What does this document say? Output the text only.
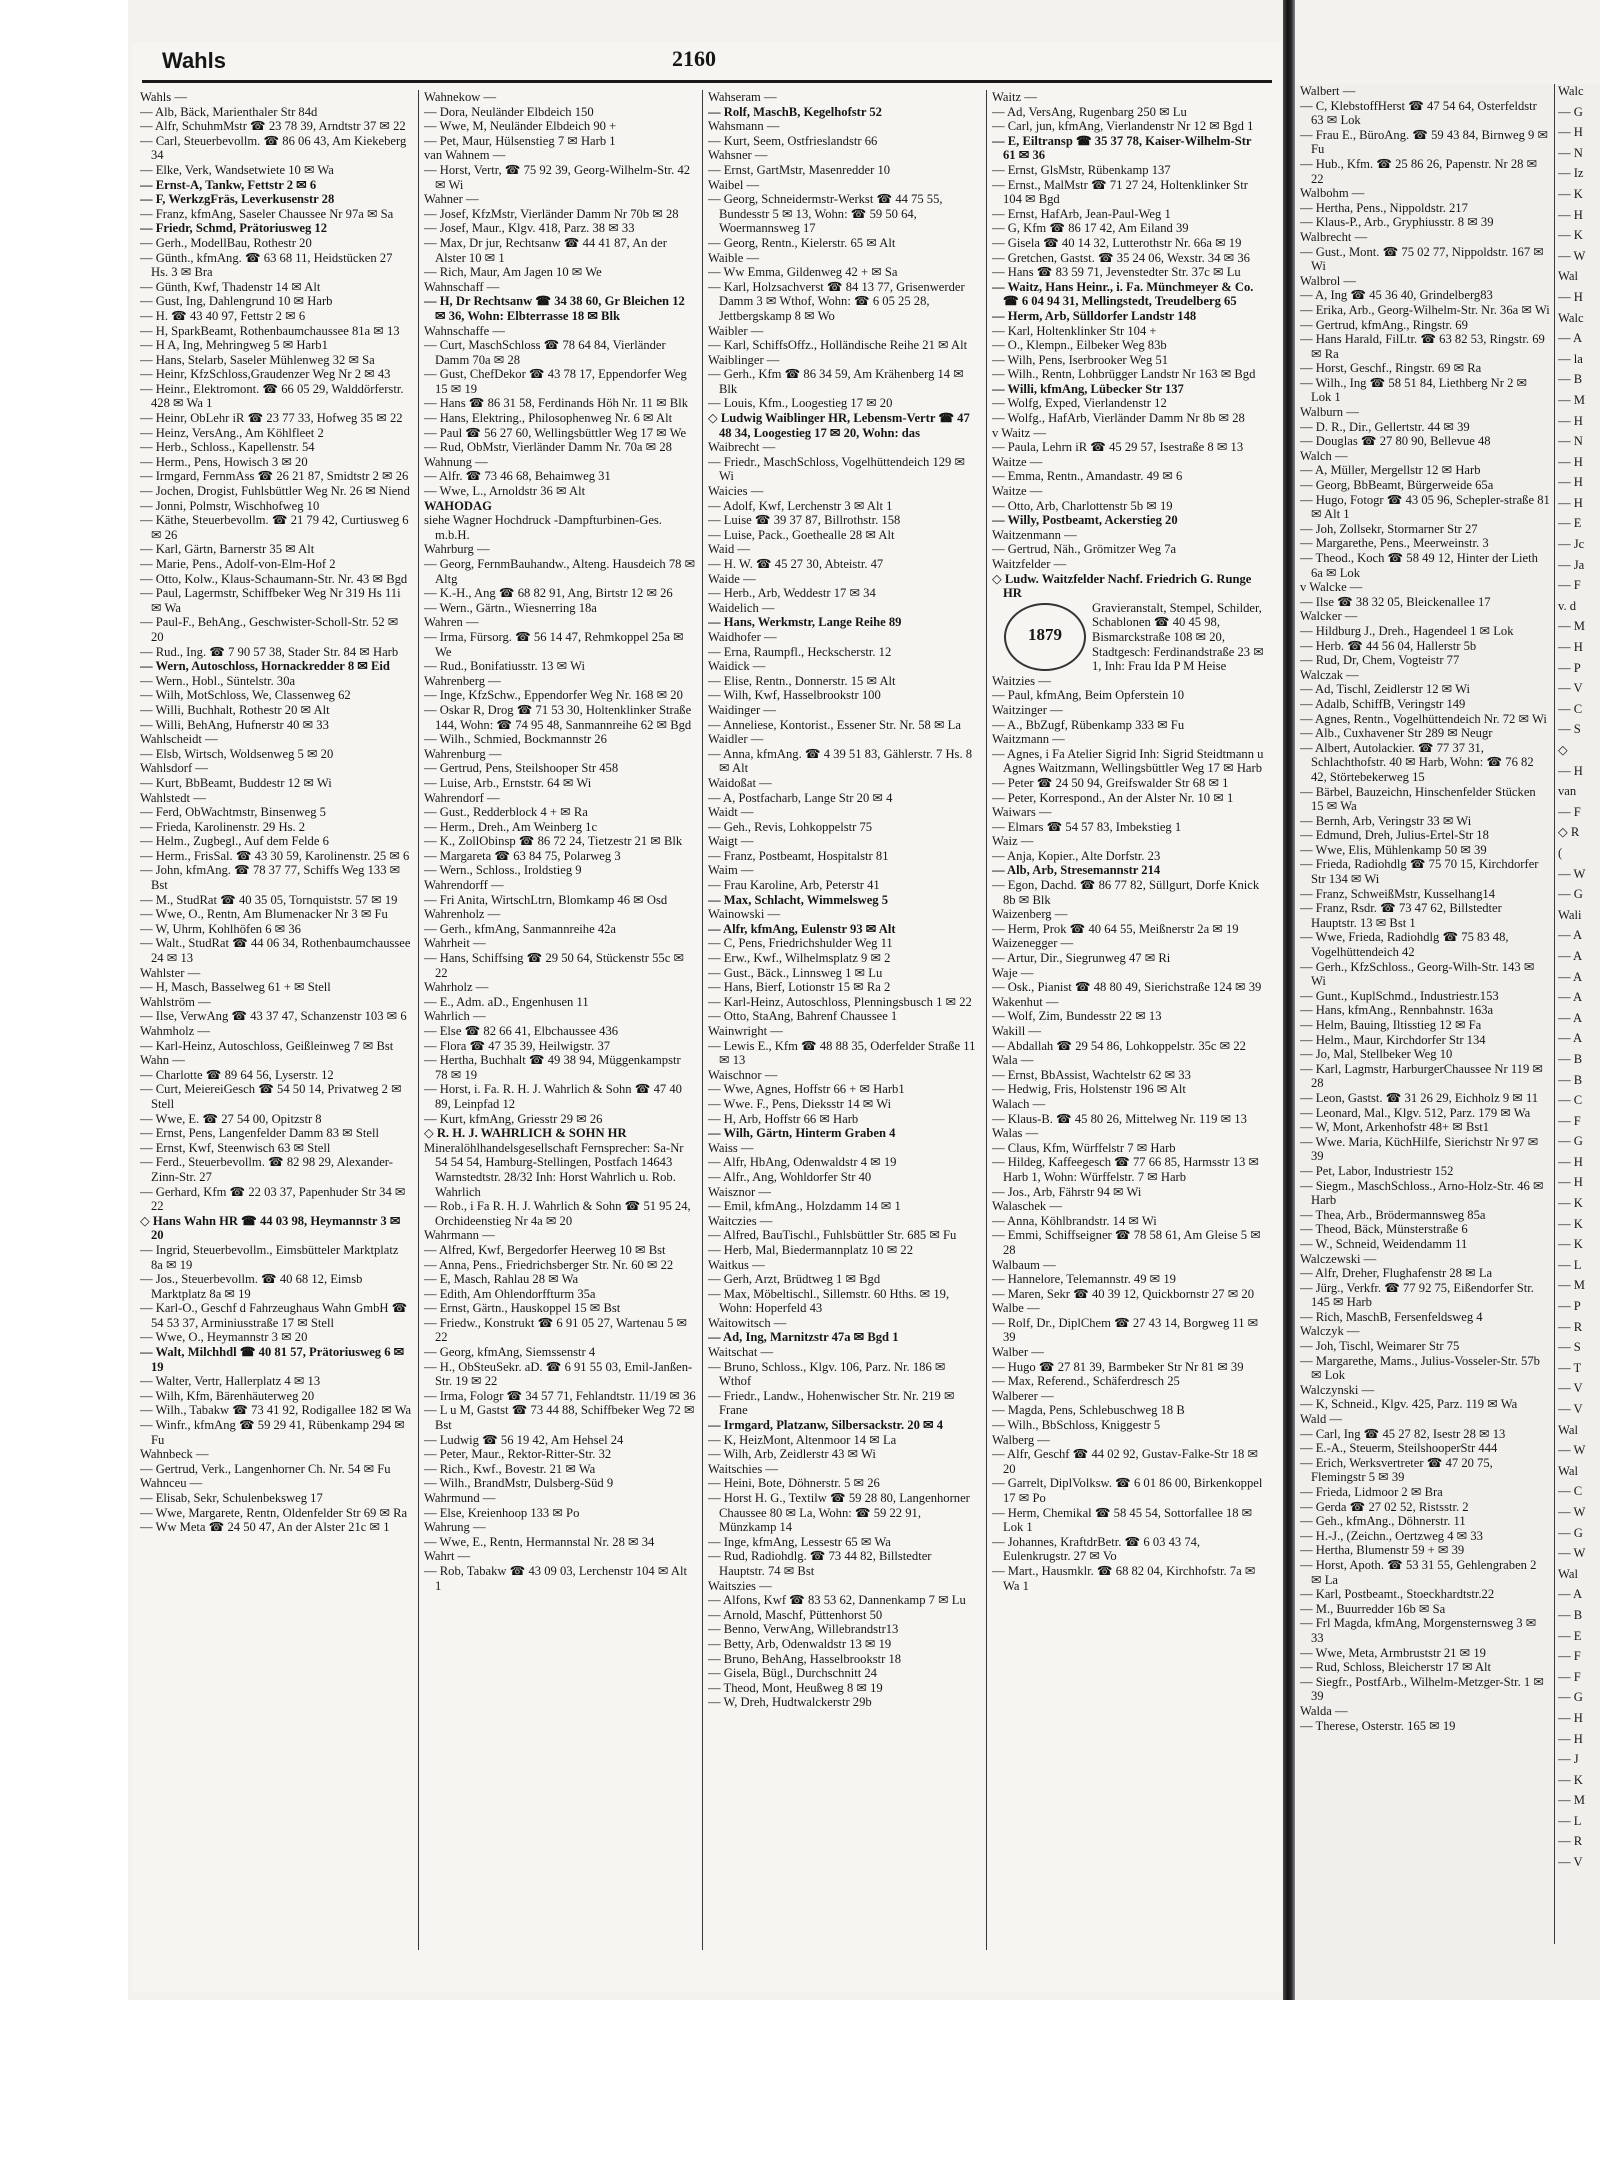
Wahls	2160

Wahls —

— Alb, Bäck, Marienthaler Str 84d

— Alfr, SchuhmMstr ☎ 23 78 39, Arndtstr 37 ✉ 22

— Carl, Steuerbevollm. ☎ 86 06 43, Am Kiekeberg 34

— Elke, Verk, Wandsetwiete 10 ✉ Wa

— Ernst-A, Tankw, Fettstr 2 ✉ 6

— F, WerkzgFräs, Leverkusenstr 28

— Franz, kfmAng, Saseler Chaussee Nr 97a ✉ Sa

— Friedr, Schmd, Prätoriusweg 12

— Gerh., ModellBau, Rothestr 20

— Günth., kfmAng. ☎ 63 68 11, Heidstücken 27 Hs. 3 ✉ Bra

— Günth, Kwf, Thadenstr 14 ✉ Alt

— Gust, Ing, Dahlengrund 10 ✉ Harb

— H. ☎ 43 40 97, Fettstr 2 ✉ 6

— H, SparkBeamt, Rothenbaumchaussee 81a ✉ 13

— H A, Ing, Mehringweg 5 ✉ Harb1

— Hans, Stelarb, Saseler Mühlenweg 32 ✉ Sa

— Heinr, KfzSchloss,Graudenzer Weg Nr 2 ✉ 43

— Heinr., Elektromont. ☎ 66 05 29, Walddörferstr. 428 ✉ Wa 1

— Heinr, ObLehr iR ☎ 23 77 33, Hofweg 35 ✉ 22

— Heinz, VersAng., Am Köhlfleet 2

— Herb., Schloss., Kapellenstr. 54

— Herm., Pens, Howisch 3 ✉ 20

— Irmgard, FernmAss ☎ 26 21 87, Smidtstr 2 ✉ 26

— Jochen, Drogist, Fuhlsbüttler Weg Nr. 26 ✉ Niend

— Jonni, Polmstr, Wischhofweg 10

— Käthe, Steuerbevollm. ☎ 21 79 42, Curtiusweg 6 ✉ 26

— Karl, Gärtn, Barnerstr 35 ✉ Alt

— Marie, Pens., Adolf-von-Elm-Hof 2

— Otto, Kolw., Klaus-Schaumann-Str. Nr. 43 ✉ Bgd

— Paul, Lagermstr, Schiffbeker Weg Nr 319 Hs 11i ✉ Wa

— Paul-F., BehAng., Geschwister-Scholl-Str. 52 ✉ 20

— Rud., Ing. ☎ 7 90 57 38, Stader Str. 84 ✉ Harb

— Wern, Autoschloss, Hornackredder 8 ✉ Eid

— Wern., Hobl., Süntelstr. 30a

— Wilh, MotSchloss, We, Classenweg 62

— Willi, Buchhalt, Rothestr 20 ✉ Alt

— Willi, BehAng, Hufnerstr 40 ✉ 33

Wahlscheidt —

— Elsb, Wirtsch, Woldsenweg 5 ✉ 20

Wahlsdorf —

— Kurt, BbBeamt, Buddestr 12 ✉ Wi

Wahlstedt —

— Ferd, ObWachtmstr, Binsenweg 5

— Frieda, Karolinenstr. 29 Hs. 2

— Helm., Zugbegl., Auf dem Felde 6

— Herm., FrisSal. ☎ 43 30 59, Karolinenstr. 25 ✉ 6

— John, kfmAng. ☎ 78 37 77, Schiffs Weg 133 ✉ Bst

— M., StudRat ☎ 40 35 05, Tornquiststr. 57 ✉ 19

— Wwe, O., Rentn, Am Blumenacker Nr 3 ✉ Fu

— W, Uhrm, Kohlhöfen 6 ✉ 36

— Walt., StudRat ☎ 44 06 34, Rothenbaumchaussee 24 ✉ 13

Wahlster —

— H, Masch, Basselweg 61 + ✉ Stell

Wahlström —

— Ilse, VerwAng ☎ 43 37 47, Schanzenstr 103 ✉ 6

Wahmholz —

— Karl-Heinz, Autoschloss, Geißleinweg 7 ✉ Bst

Wahn —

— Charlotte ☎ 89 64 56, Lyserstr. 12

— Curt, MeiereiGesch ☎ 54 50 14, Privatweg 2 ✉ Stell

— Wwe, E. ☎ 27 54 00, Opitzstr 8

— Ernst, Pens, Langenfelder Damm 83 ✉ Stell

— Ernst, Kwf, Steenwisch 63 ✉ Stell

— Ferd., Steuerbevollm. ☎ 82 98 29, Alexander-Zinn-Str. 27

— Gerhard, Kfm ☎ 22 03 37, Papenhuder Str 34 ✉ 22

◇ Hans Wahn HR ☎ 44 03 98, Heymannstr 3 ✉ 20

— Ingrid, Steuerbevollm., Eimsbütteler Marktplatz 8a ✉ 19

— Jos., Steuerbevollm. ☎ 40 68 12, Eimsb Marktplatz 8a ✉ 19

— Karl-O., Geschf d Fahrzeughaus Wahn GmbH ☎ 54 53 37, Arminiusstraße 17 ✉ Stell

— Wwe, O., Heymannstr 3 ✉ 20

— Walt, Milchhdl ☎ 40 81 57, Prätoriusweg 6 ✉ 19

— Walter, Vertr, Hallerplatz 4 ✉ 13

— Wilh, Kfm, Bärenhäuterweg 20

— Wilh., Tabakw ☎ 73 41 92, Rodigallee 182 ✉ Wa

— Winfr., kfmAng ☎ 59 29 41, Rübenkamp 294 ✉ Fu

Wahnbeck —

— Gertrud, Verk., Langenhorner Ch. Nr. 54 ✉ Fu

Wahnceu —

— Elisab, Sekr, Schulenbeksweg 17

— Wwe, Margarete, Rentn, Oldenfelder Str 69 ✉ Ra

— Ww Meta ☎ 24 50 47, An der Alster 21c ✉ 1

Wahnekow —

— Dora, Neuländer Elbdeich 150

— Wwe, M, Neuländer Elbdeich 90 +

— Pet, Maur, Hülsenstieg 7 ✉ Harb 1

van Wahnem —

— Horst, Vertr, ☎ 75 92 39, Georg-Wilhelm-Str. 42 ✉ Wi

Wahner —

— Josef, KfzMstr, Vierländer Damm Nr 70b ✉ 28

— Josef, Maur., Klgv. 418, Parz. 38 ✉ 33

— Max, Dr jur, Rechtsanw ☎ 44 41 87, An der Alster 10 ✉ 1

— Rich, Maur, Am Jagen 10 ✉ We

Wahnschaff —

— H, Dr Rechtsanw ☎ 34 38 60, Gr Bleichen 12 ✉ 36, Wohn: Elbterrasse 18 ✉ Blk

Wahnschaffe —

— Curt, MaschSchloss ☎ 78 64 84, Vierländer Damm 70a ✉ 28

— Gust, ChefDekor ☎ 43 78 17, Eppendorfer Weg 15 ✉ 19

— Hans ☎ 86 31 58, Ferdinands Höh Nr. 11 ✉ Blk

— Hans, Elektring., Philosophenweg Nr. 6 ✉ Alt

— Paul ☎ 56 27 60, Wellingsbüttler Weg 17 ✉ We

— Rud, ObMstr, Vierländer Damm Nr. 70a ✉ 28

Wahnung —

— Alfr. ☎ 73 46 68, Behaimweg 31

— Wwe, L., Arnoldstr 36 ✉ Alt

WAHODAG

siehe Wagner Hochdruck -Dampfturbinen-Ges. m.b.H.

Wahrburg —

— Georg, FernmBauhandw., Alteng. Hausdeich 78 ✉ Altg

— K.-H., Ang ☎ 68 82 91, Ang, Birtstr 12 ✉ 26

— Wern., Gärtn., Wiesnerring 18a

Wahren —

— Irma, Fürsorg. ☎ 56 14 47, Rehmkoppel 25a ✉ We

— Rud., Bonifatiusstr. 13 ✉ Wi

Wahrenberg —

— Inge, KfzSchw., Eppendorfer Weg Nr. 168 ✉ 20

— Oskar R, Drog ☎ 71 53 30, Holtenklinker Straße 144, Wohn: ☎ 74 95 48, Sanmannreihe 62 ✉ Bgd

— Wilh., Schmied, Bockmannstr 26

Wahrenburg —

— Gertrud, Pens, Steilshooper Str 458

— Luise, Arb., Ernststr. 64 ✉ Wi

Wahrendorf —

— Gust., Redderblock 4 + ✉ Ra

— Herm., Dreh., Am Weinberg 1c

— K., ZollObinsp ☎ 86 72 24, Tietzestr 21 ✉ Blk

— Margareta ☎ 63 84 75, Polarweg 3

— Wern., Schloss., Iroldstieg 9

Wahrendorff —

— Fri Anita, WirtschLtrn, Blomkamp 46 ✉ Osd

Wahrenholz —

— Gerh., kfmAng, Sanmannreihe 42a

Wahrheit —

— Hans, Schiffsing ☎ 29 50 64, Stückenstr 55c ✉ 22

Wahrholz —

— E., Adm. aD., Engenhusen 11

Wahrlich —

— Else ☎ 82 66 41, Elbchaussee 436

— Flora ☎ 47 35 39, Heilwigstr. 37

— Hertha, Buchhalt ☎ 49 38 94, Müggenkampstr 78 ✉ 19

— Horst, i. Fa. R. H. J. Wahrlich & Sohn ☎ 47 40 89, Leinpfad 12

— Kurt, kfmAng, Griesstr 29 ✉ 26

◇ R. H. J. WAHRLICH & SOHN HR

Mineralöhlhandelsgesellschaft Fernsprecher: Sa-Nr 54 54 54, Hamburg-Stellingen, Postfach 14643 Warnstedtstr. 28/32 Inh: Horst Wahrlich u. Rob. Wahrlich

— Rob., i Fa R. H. J. Wahrlich & Sohn ☎ 51 95 24, Orchideenstieg Nr 4a ✉ 20

Wahrmann —

— Alfred, Kwf, Bergedorfer Heerweg 10 ✉ Bst

— Anna, Pens., Friedrichsberger Str. Nr. 60 ✉ 22

— E, Masch, Rahlau 28 ✉ Wa

— Edith, Am Ohlendorffturm 35a

— Ernst, Gärtn., Hauskoppel 15 ✉ Bst

— Friedw., Konstrukt ☎ 6 91 05 27, Wartenau 5 ✉ 22

— Georg, kfmAng, Siemssenstr 4

— H., ObSteuSekr. aD. ☎ 6 91 55 03, Emil-Janßen-Str. 19 ✉ 22

— Irma, Fologr ☎ 34 57 71, Fehlandtstr. 11/19 ✉ 36

— L u M, Gastst ☎ 73 44 88, Schiffbeker Weg 72 ✉ Bst

— Ludwig ☎ 56 19 42, Am Hehsel 24

— Peter, Maur., Rektor-Ritter-Str. 32

— Rich., Kwf., Bovestr. 21 ✉ Wa

— Wilh., BrandMstr, Dulsberg-Süd 9

Wahrmund —

— Else, Kreienhoop 133 ✉ Po

Wahrung —

— Wwe, E., Rentn, Hermannstal Nr. 28 ✉ 34

Wahrt —

— Rob, Tabakw ☎ 43 09 03, Lerchenstr 104 ✉ Alt 1

Wahseram —

— Rolf, MaschB, Kegelhofstr 52

Wahsmann —

— Kurt, Seem, Ostfrieslandstr 66

Wahsner —

— Ernst, GartMstr, Masenredder 10

Waibel —

— Georg, Schneidermstr-Werkst ☎ 44 75 55, Bundesstr 5 ✉ 13, Wohn: ☎ 59 50 64, Woermannsweg 17

— Georg, Rentn., Kielerstr. 65 ✉ Alt

Waible —

— Ww Emma, Gildenweg 42 + ✉ Sa

— Karl, Holzsachverst ☎ 84 13 77, Grisenwerder Damm 3 ✉ Wthof, Wohn: ☎ 6 05 25 28, Jettbergskamp 8 ✉ Wo

Waibler —

— Karl, SchiffsOffz., Holländische Reihe 21 ✉ Alt

Waiblinger —

— Gerh., Kfm ☎ 86 34 59, Am Krähenberg 14 ✉ Blk

— Louis, Kfm., Loogestieg 17 ✉ 20

◇ Ludwig Waiblinger HR, Lebensm-Vertr ☎ 47 48 34, Loogestieg 17 ✉ 20, Wohn: das

Waibrecht —

— Friedr., MaschSchloss, Vogelhüttendeich 129 ✉ Wi

Waicies —

— Adolf, Kwf, Lerchenstr 3 ✉ Alt 1

— Luise ☎ 39 37 87, Billrothstr. 158

— Luise, Pack., Goethealle 28 ✉ Alt

Waid —

— H. W. ☎ 45 27 30, Abteistr. 47

Waide —

— Herb., Arb, Weddestr 17 ✉ 34

Waidelich —

— Hans, Werkmstr, Lange Reihe 89

Waidhofer —

— Erna, Raumpfl., Heckscherstr. 12

Waidick —

— Elise, Rentn., Donnerstr. 15 ✉ Alt

— Wilh, Kwf, Hasselbrookstr 100

Waidinger —

— Anneliese, Kontorist., Essener Str. Nr. 58 ✉ La

Waidler —

— Anna, kfmAng. ☎ 4 39 51 83, Gählerstr. 7 Hs. 8 ✉ Alt

Waidoßat —

— A, Postfacharb, Lange Str 20 ✉ 4

Waidt —

— Geh., Revis, Lohkoppelstr 75

Waigt —

— Franz, Postbeamt, Hospitalstr 81

Waim —

— Frau Karoline, Arb, Peterstr 41

— Max, Schlacht, Wimmelsweg 5

Wainowski —

— Alfr, kfmAng, Eulenstr 93 ✉ Alt

— C, Pens, Friedrichshulder Weg 11

— Erw., Kwf., Wilhelmsplatz 9 ✉ 2

— Gust., Bäck., Linnsweg 1 ✉ Lu

— Hans, Bierf, Lotionstr 15 ✉ Ra 2

— Karl-Heinz, Autoschloss, Plenningsbusch 1 ✉ 22

— Otto, StaAng, Bahrenf Chaussee 1

Wainwright —

— Lewis E., Kfm ☎ 48 88 35, Oderfelder Straße 11 ✉ 13

Waischnor —

— Wwe, Agnes, Hoffstr 66 + ✉ Harb1

— Wwe. F., Pens, Dieksstr 14 ✉ Wi

— H, Arb, Hoffstr 66 ✉ Harb

— Wilh, Gärtn, Hinterm Graben 4

Waiss —

— Alfr, HbAng, Odenwaldstr 4 ✉ 19

— Alfr., Ang, Wohldorfer Str 40

Waisznor —

— Emil, kfmAng., Holzdamm 14 ✉ 1

Waitczies —

— Alfred, BauTischl., Fuhlsbüttler Str. 685 ✉ Fu

— Herb, Mal, Biedermannplatz 10 ✉ 22

Waitkus —

— Gerh, Arzt, Brüdtweg 1 ✉ Bgd

— Max, Möbeltischl., Sillemstr. 60 Hths. ✉ 19, Wohn: Hoperfeld 43

Waitowitsch —

— Ad, Ing, Marnitzstr 47a ✉ Bgd 1

Waitschat —

— Bruno, Schloss., Klgv. 106, Parz. Nr. 186 ✉ Wthof

— Friedr., Landw., Hohenwischer Str. Nr. 219 ✉ Frane

— Irmgard, Platzanw, Silbersackstr. 20 ✉ 4

— K, HeizMont, Altenmoor 14 ✉ La

— Wilh, Arb, Zeidlerstr 43 ✉ Wi

Waitschies —

— Heini, Bote, Döhnerstr. 5 ✉ 26

— Horst H. G., Textilw ☎ 59 28 80, Langenhorner Chaussee 80 ✉ La, Wohn: ☎ 59 22 91, Münzkamp 14

— Inge, kfmAng, Lessestr 65 ✉ Wa

— Rud, Radiohdlg. ☎ 73 44 82, Billstedter Hauptstr. 74 ✉ Bst

Waitszies —

— Alfons, Kwf ☎ 83 53 62, Dannenkamp 7 ✉ Lu

— Arnold, Maschf, Püttenhorst 50

— Benno, VerwAng, Willebrandstr13

— Betty, Arb, Odenwaldstr 13 ✉ 19

— Bruno, BehAng, Hasselbrookstr 18

— Gisela, Bügl., Durchschnitt 24

— Theod, Mont, Heußweg 8 ✉ 19

— W, Dreh, Hudtwalckerstr 29b

Waitz —

— Ad, VersAng, Rugenbarg 250 ✉ Lu

— Carl, jun, kfmAng, Vierlandenstr Nr 12 ✉ Bgd 1

— E, Eiltransp ☎ 35 37 78, Kaiser-Wilhelm-Str 61 ✉ 36

— Ernst, GlsMstr, Rübenkamp 137

— Ernst., MalMstr ☎ 71 27 24, Holtenklinker Str 104 ✉ Bgd

— Ernst, HafArb, Jean-Paul-Weg 1

— G, Kfm ☎ 86 17 42, Am Eiland 39

— Gisela ☎ 40 14 32, Lutterothstr Nr. 66a ✉ 19

— Gretchen, Gastst. ☎ 35 24 06, Wexstr. 34 ✉ 36

— Hans ☎ 83 59 71, Jevenstedter Str. 37c ✉ Lu

— Waitz, Hans Heinr., i. Fa. Münchmeyer & Co. ☎ 6 04 94 31, Mellingstedt, Treudelberg 65

— Herm, Arb, Sülldorfer Landstr 148

— Karl, Holtenklinker Str 104 +

— O., Klempn., Eilbeker Weg 83b

— Wilh, Pens, Iserbrooker Weg 51

— Wilh., Rentn, Lohbrügger Landstr Nr 163 ✉ Bgd

— Willi, kfmAng, Lübecker Str 137

— Wolfg, Exped, Vierlandenstr 12

— Wolfg., HafArb, Vierländer Damm Nr 8b ✉ 28

v Waitz —

— Paula, Lehrn iR ☎ 45 29 57, Isestraße 8 ✉ 13

Waitze —

— Emma, Rentn., Amandastr. 49 ✉ 6

Waitze —

— Otto, Arb, Charlottenstr 5b ✉ 19

— Willy, Postbeamt, Ackerstieg 20

Waitzenmann —

— Gertrud, Näh., Grömitzer Weg 7a

Waitzfelder —

◇ Ludw. Waitzfelder Nachf. Friedrich G. Runge HR

1879
Gravieranstalt, Stempel, Schilder, Schablonen ☎ 40 45 98, Bismarckstraße 108 ✉ 20, Stadtgesch: Ferdinandstraße 23 ✉ 1, Inh: Frau Ida P M Heise

Waitzies —

— Paul, kfmAng, Beim Opferstein 10

Waitzinger —

— A., BbZugf, Rübenkamp 333 ✉ Fu

Waitzmann —

— Agnes, i Fa Atelier Sigrid Inh: Sigrid Steidtmann u Agnes Waitzmann, Wellingsbüttler Weg 17 ✉ Harb

— Peter ☎ 24 50 94, Greifswalder Str 68 ✉ 1

— Peter, Korrespond., An der Alster Nr. 10 ✉ 1

Waiwars —

— Elmars ☎ 54 57 83, Imbekstieg 1

Waiz —

— Anja, Kopier., Alte Dorfstr. 23

— Alb, Arb, Stresemannstr 214

— Egon, Dachd. ☎ 86 77 82, Süllgurt, Dorfe Knick 8b ✉ Blk

Waizenberg —

— Herm, Prok ☎ 40 64 55, Meißnerstr 2a ✉ 19

Waizenegger —

— Artur, Dir., Siegrunweg 47 ✉ Ri

Waje —

— Osk., Pianist ☎ 48 80 49, Sierichstraße 124 ✉ 39

Wakenhut —

— Wolf, Zim, Bundesstr 22 ✉ 13

Wakill —

— Abdallah ☎ 29 54 86, Lohkoppelstr. 35c ✉ 22

Wala —

— Ernst, BbAssist, Wachtelstr 62 ✉ 33

— Hedwig, Fris, Holstenstr 196 ✉ Alt

Walach —

— Klaus-B. ☎ 45 80 26, Mittelweg Nr. 119 ✉ 13

Walas —

— Claus, Kfm, Würffelstr 7 ✉ Harb

— Hildeg, Kaffeegesch ☎ 77 66 85, Harmsstr 13 ✉ Harb 1, Wohn: Würffelstr. 7 ✉ Harb

— Jos., Arb, Fährstr 94 ✉ Wi

Walaschek —

— Anna, Köhlbrandstr. 14 ✉ Wi

— Emmi, Schiffseigner ☎ 78 58 61, Am Gleise 5 ✉ 28

Walbaum —

— Hannelore, Telemannstr. 49 ✉ 19

— Maren, Sekr ☎ 40 39 12, Quickbornstr 27 ✉ 20

Walbe —

— Rolf, Dr., DiplChem ☎ 27 43 14, Borgweg 11 ✉ 39

Walber —

— Hugo ☎ 27 81 39, Barmbeker Str Nr 81 ✉ 39

— Max, Referend., Schäferdresch 25

Walberer —

— Magda, Pens, Schlebuschweg 18 B

— Wilh., BbSchloss, Kniggestr 5

Walberg —

— Alfr, Geschf ☎ 44 02 92, Gustav-Falke-Str 18 ✉ 20

— Garrelt, DiplVolksw. ☎ 6 01 86 00, Birkenkoppel 17 ✉ Po

— Herm, Chemikal ☎ 58 45 54, Sottorfallee 18 ✉ Lok 1

— Johannes, KraftdrBetr. ☎ 6 03 43 74, Eulenkrugstr. 27 ✉ Vo

— Mart., Hausmklr. ☎ 68 82 04, Kirchhofstr. 7a ✉ Wa 1

Walbert —

— C, KlebstoffHerst ☎ 47 54 64, Osterfeldstr 63 ✉ Lok

— Frau E., BüroAng. ☎ 59 43 84, Birnweg 9 ✉ Fu

— Hub., Kfm. ☎ 25 86 26, Papenstr. Nr 28 ✉ 22

Walbohm —

— Hertha, Pens., Nippoldstr. 217

— Klaus-P., Arb., Gryphiusstr. 8 ✉ 39

Walbrecht —

— Gust., Mont. ☎ 75 02 77, Nippoldstr. 167 ✉ Wi

Walbrol —

— A, Ing ☎ 45 36 40, Grindelberg83

— Erika, Arb., Georg-Wilhelm-Str. Nr. 36a ✉ Wi

— Gertrud, kfmAng., Ringstr. 69

— Hans Harald, FilLtr. ☎ 63 82 53, Ringstr. 69 ✉ Ra

— Horst, Geschf., Ringstr. 69 ✉ Ra

— Wilh., Ing ☎ 58 51 84, Liethberg Nr 2 ✉ Lok 1

Walburn —

— D. R., Dir., Gellertstr. 44 ✉ 39

— Douglas ☎ 27 80 90, Bellevue 48

Walch —

— A, Müller, Mergellstr 12 ✉ Harb

— Georg, BbBeamt, Bürgerweide 65a

— Hugo, Fotogr ☎ 43 05 96, Schepler-straße 81 ✉ Alt 1

— Joh, Zollsekr, Stormarner Str 27

— Margarethe, Pens., Meerweinstr. 3

— Theod., Koch ☎ 58 49 12, Hinter der Lieth 6a ✉ Lok

v Walcke —

— Ilse ☎ 38 32 05, Bleickenallee 17

Walcker —

— Hildburg J., Dreh., Hagendeel 1 ✉ Lok

— Herb. ☎ 44 56 04, Hallerstr 5b

— Rud, Dr, Chem, Vogteistr 77

Walczak —

— Ad, Tischl, Zeidlerstr 12 ✉ Wi

— Adalb, SchiffB, Veringstr 149

— Agnes, Rentn., Vogelhüttendeich Nr. 72 ✉ Wi

— Alb., Cuxhavener Str 289 ✉ Neugr

— Albert, Autolackier. ☎ 77 37 31, Schlachthofstr. 40 ✉ Harb, Wohn: ☎ 76 82 42, Störtebekerweg 15

— Bärbel, Bauzeichn, Hinschenfelder Stücken 15 ✉ Wa

— Bernh, Arb, Veringstr 33 ✉ Wi

— Edmund, Dreh, Julius-Ertel-Str 18

— Wwe, Elis, Mühlenkamp 50 ✉ 39

— Frieda, Radiohdlg ☎ 75 70 15, Kirchdorfer Str 134 ✉ Wi

— Franz, SchweißMstr, Kusselhang14

— Franz, Rsdr. ☎ 73 47 62, Billstedter Hauptstr. 13 ✉ Bst 1

— Wwe, Frieda, Radiohdlg ☎ 75 83 48, Vogelhüttendeich 42

— Gerh., KfzSchloss., Georg-Wilh-Str. 143 ✉ Wi

— Gunt., KuplSchmd., Industriestr.153

— Hans, kfmAng., Rennbahnstr. 163a

— Helm, Bauing, Iltisstieg 12 ✉ Fa

— Helm., Maur, Kirchdorfer Str 134

— Jo, Mal, Stellbeker Weg 10

— Karl, Lagmstr, HarburgerChaussee Nr 119 ✉ 28

— Leon, Gastst. ☎ 31 26 29, Eichholz 9 ✉ 11

— Leonard, Mal., Klgv. 512, Parz. 179 ✉ Wa

— W, Mont, Arkenhofstr 48+ ✉ Bst1

— Wwe. Maria, KüchHilfe, Sierichstr Nr 97 ✉ 39

— Pet, Labor, Industriestr 152

— Siegm., MaschSchloss., Arno-Holz-Str. 46 ✉ Harb

— Thea, Arb., Brödermannsweg 85a

— Theod, Bäck, Münsterstraße 6

— W., Schneid, Weidendamm 11

Walczewski —

— Alfr, Dreher, Flughafenstr 28 ✉ La

— Jürg., Verkfr. ☎ 77 92 75, Eißendorfer Str. 145 ✉ Harb

— Rich, MaschB, Fersenfeldsweg 4

Walczyk —

— Joh, Tischl, Weimarer Str 75

— Margarethe, Mams., Julius-Vosseler-Str. 57b ✉ Lok

Walczynski —

— K, Schneid., Klgv. 425, Parz. 119 ✉ Wa

Wald —

— Carl, Ing ☎ 45 27 82, Isestr 28 ✉ 13

— E.-A., Steuerm, SteilshooperStr 444

— Erich, Werksvertreter ☎ 47 20 75, Flemingstr 5 ✉ 39

— Frieda, Lidmoor 2 ✉ Bra

— Gerda ☎ 27 02 52, Ristsstr. 2

— Geh., kfmAng., Döhnerstr. 11

— H.-J., (Zeichn., Oertzweg 4 ✉ 33

— Hertha, Blumenstr 59 + ✉ 39

— Horst, Apoth. ☎ 53 31 55, Gehlengraben 2 ✉ La

— Karl, Postbeamt., Stoeckhardtstr.22

— M., Buurredder 16b ✉ Sa

— Frl Magda, kfmAng, Morgensternsweg 3 ✉ 33

— Wwe, Meta, Armbruststr 21 ✉ 19

— Rud, Schloss, Bleicherstr 17 ✉ Alt

— Siegfr., PostfArb., Wilhelm-Metzger-Str. 1 ✉ 39

Walda —

— Therese, Osterstr. 165 ✉ 19

Walc

— G

— H

— N

— Iz

— K

— H

— K

— W

Wal

— H

Walc

— A

— la

— B

— M

— H

— N

— H

— H

— H

— E

— Jc

— Ja

— F

v. d

— M

— H

— P

— V

— C

— S

◇

— H

van

— F

◇ R

(

— W

— G

Wali

— A

— A

— A

— A

— A

— A

— B

— B

— C

— F

— G

— H

— H

— K

— K

— K

— L

— M

— P

— R

— S

— T

— V

— V

Wal

— W

Wal

— C

— W

— G

— W

Wal

— A

— B

— E

— F

— F

— G

— H

— H

— J

— K

— M

— L

— R

— V
